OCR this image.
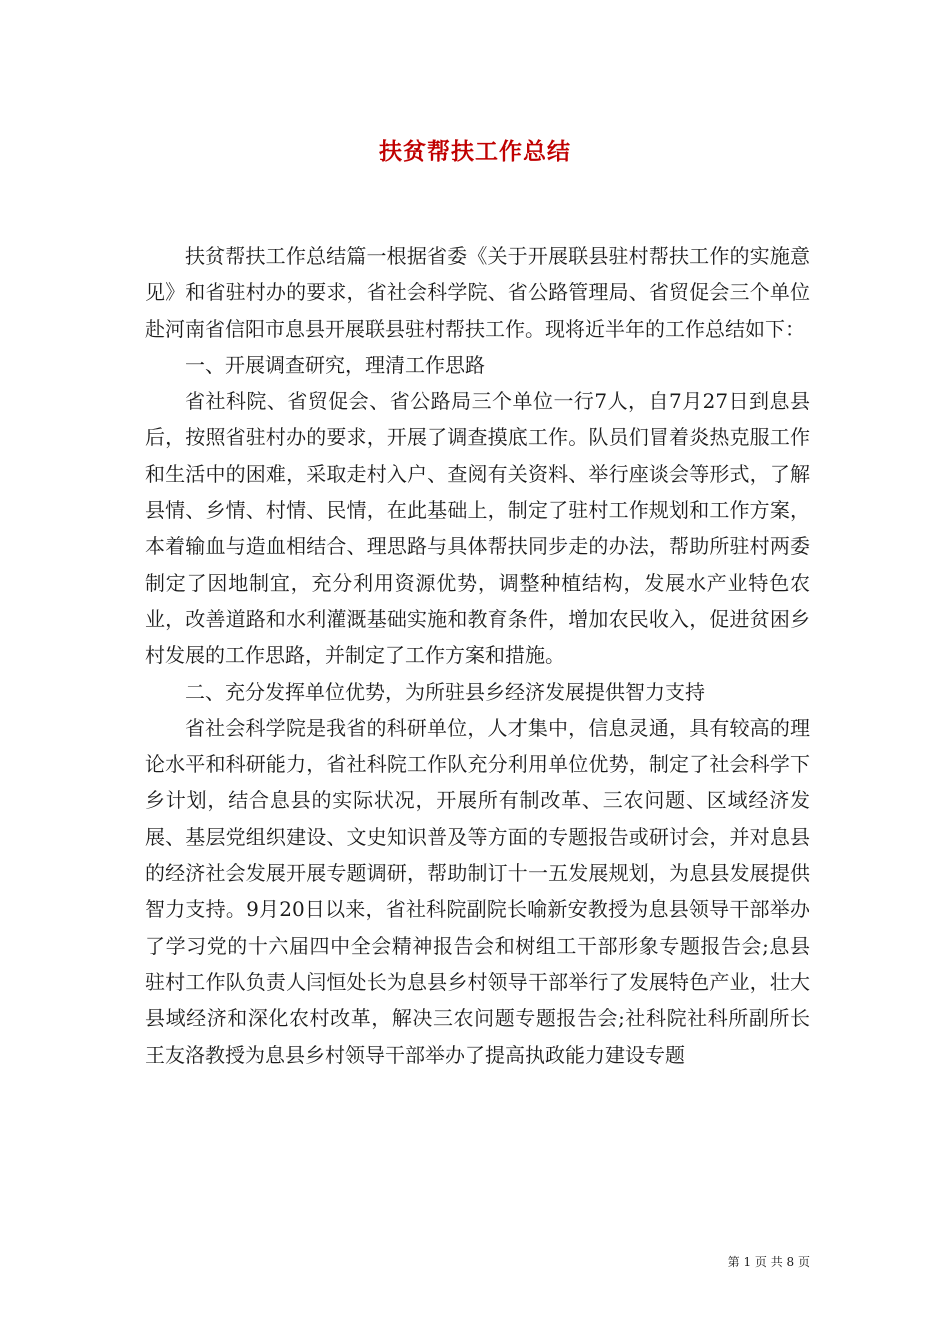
扶贫帮扶工作总结

扶贫帮扶工作总结篇一根据省委《关于开展联县驻村帮扶工作的实施意见》和省驻村办的要求，省社会科学院、省公路管理局、省贸促会三个单位赴河南省信阳市息县开展联县驻村帮扶工作。现将近半年的工作总结如下：

一、开展调查研究，理清工作思路

省社科院、省贸促会、省公路局三个单位一行7人，自7月27日到息县后，按照省驻村办的要求，开展了调查摸底工作。队员们冒着炎热克服工作和生活中的困难，采取走村入户、查阅有关资料、举行座谈会等形式，了解县情、乡情、村情、民情，在此基础上，制定了驻村工作规划和工作方案，本着输血与造血相结合、理思路与具体帮扶同步走的办法，帮助所驻村两委制定了因地制宜，充分利用资源优势，调整种植结构，发展水产业特色农业，改善道路和水利灌溉基础实施和教育条件，增加农民收入，促进贫困乡村发展的工作思路，并制定了工作方案和措施。

二、充分发挥单位优势，为所驻县乡经济发展提供智力支持

省社会科学院是我省的科研单位，人才集中，信息灵通，具有较高的理论水平和科研能力，省社科院工作队充分利用单位优势，制定了社会科学下乡计划，结合息县的实际状况，开展所有制改革、三农问题、区域经济发展、基层党组织建设、文史知识普及等方面的专题报告或研讨会，并对息县的经济社会发展开展专题调研，帮助制订十一五发展规划，为息县发展提供智力支持。9月20日以来，省社科院副院长喻新安教授为息县领导干部举办了学习党的十六届四中全会精神报告会和树组工干部形象专题报告会;息县驻村工作队负责人闫恒处长为息县乡村领导干部举行了发展特色产业，壮大县域经济和深化农村改革，解决三农问题专题报告会;社科院社科所副所长王友洛教授为息县乡村领导干部举办了提高执政能力建设专题

第 1 页 共 8 页
